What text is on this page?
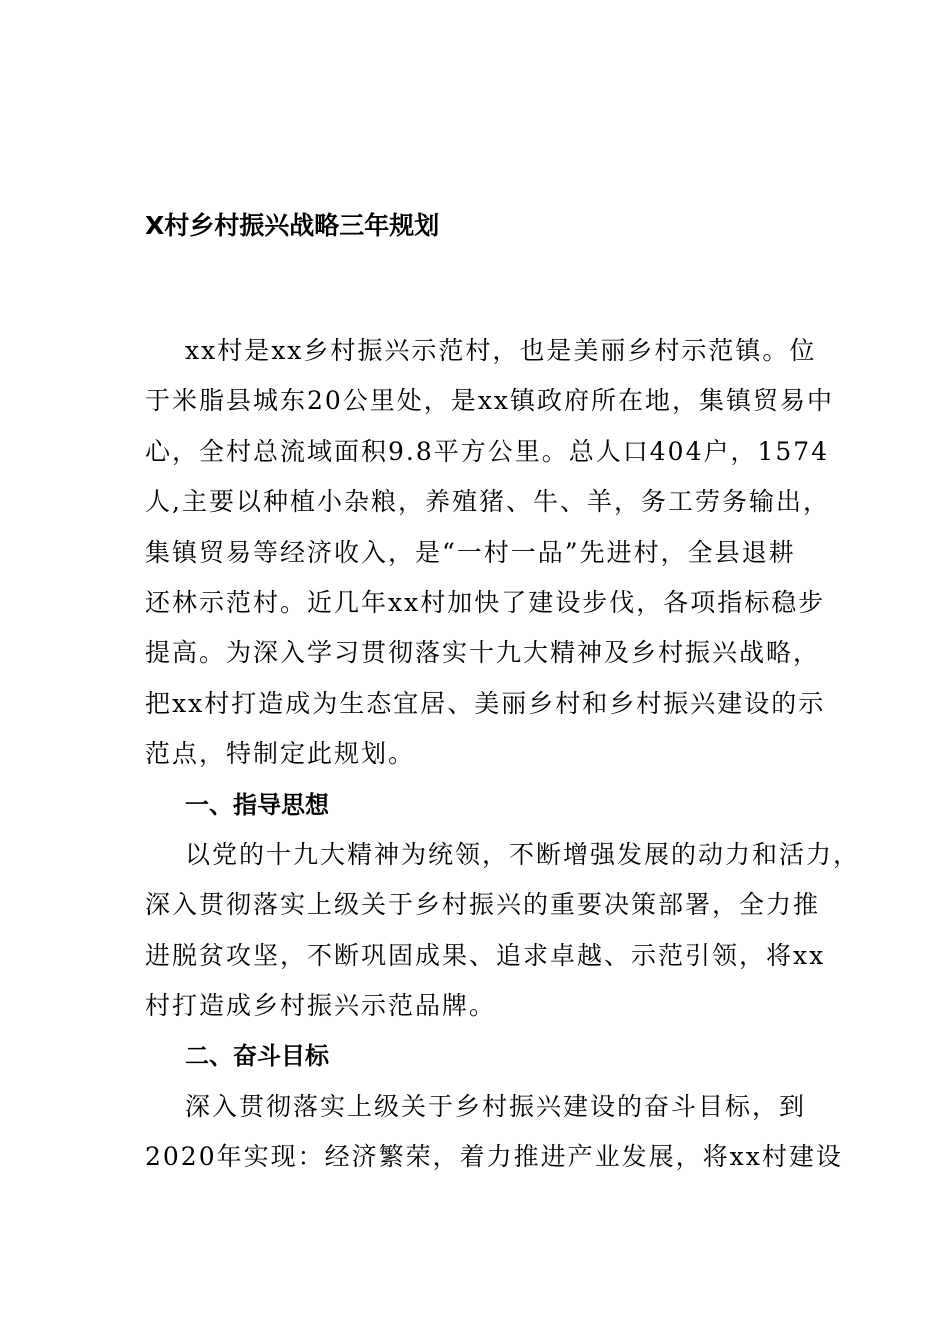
X村乡村振兴战略三年规划
xx村是xx乡村振兴示范村，也是美丽乡村示范镇。位
于米脂县城东20公里处，是xx镇政府所在地，集镇贸易中
心，全村总流域面积9.8平方公里。总人口404户，1574
人,主要以种植小杂粮，养殖猪、牛、羊，务工劳务输出，
集镇贸易等经济收入，是“一村一品”先进村，全县退耕
还林示范村。近几年xx村加快了建设步伐，各项指标稳步
提高。为深入学习贯彻落实十九大精神及乡村振兴战略，
把xx村打造成为生态宜居、美丽乡村和乡村振兴建设的示
范点，特制定此规划。
一、指导思想
以党的十九大精神为统领，不断增强发展的动力和活力，
深入贯彻落实上级关于乡村振兴的重要决策部署，全力推
进脱贫攻坚，不断巩固成果、追求卓越、示范引领，将xx
村打造成乡村振兴示范品牌。
二、奋斗目标
深入贯彻落实上级关于乡村振兴建设的奋斗目标，到
2020年实现：经济繁荣，着力推进产业发展，将xx村建设
